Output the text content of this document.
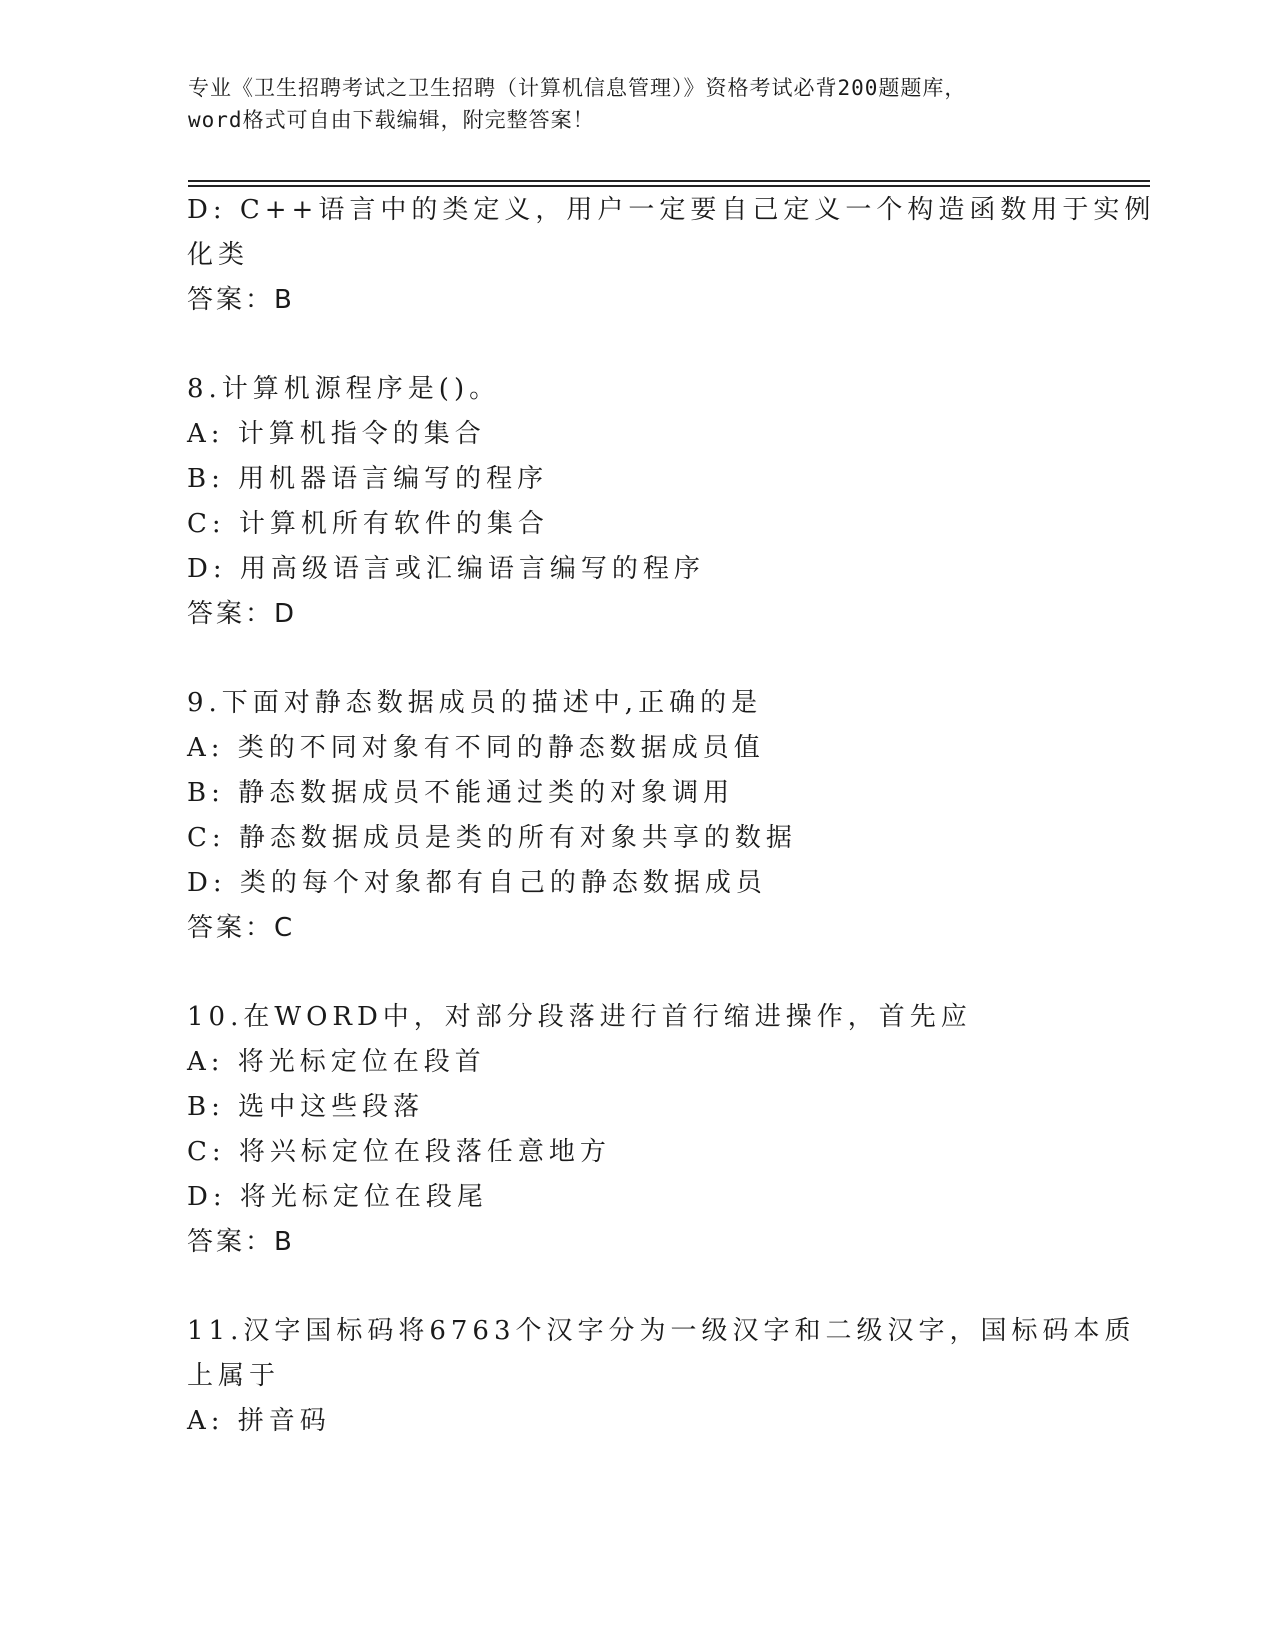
专业《卫生招聘考试之卫生招聘（计算机信息管理）》资格考试必背200题题库，
word格式可自由下载编辑，附完整答案！
D: C++语言中的类定义，用户一定要自己定义一个构造函数用于实例
化类
答案：B
8.计算机源程序是()。
A: 计算机指令的集合
B: 用机器语言编写的程序
C: 计算机所有软件的集合
D: 用高级语言或汇编语言编写的程序
答案：D
9.下面对静态数据成员的描述中,正确的是
A: 类的不同对象有不同的静态数据成员值
B: 静态数据成员不能通过类的对象调用
C: 静态数据成员是类的所有对象共享的数据
D: 类的每个对象都有自己的静态数据成员
答案：C
10.在WORD中，对部分段落进行首行缩进操作，首先应
A: 将光标定位在段首
B: 选中这些段落
C: 将兴标定位在段落任意地方
D: 将光标定位在段尾
答案：B
11.汉字国标码将6763个汉字分为一级汉字和二级汉字，国标码本质
上属于
A: 拼音码
